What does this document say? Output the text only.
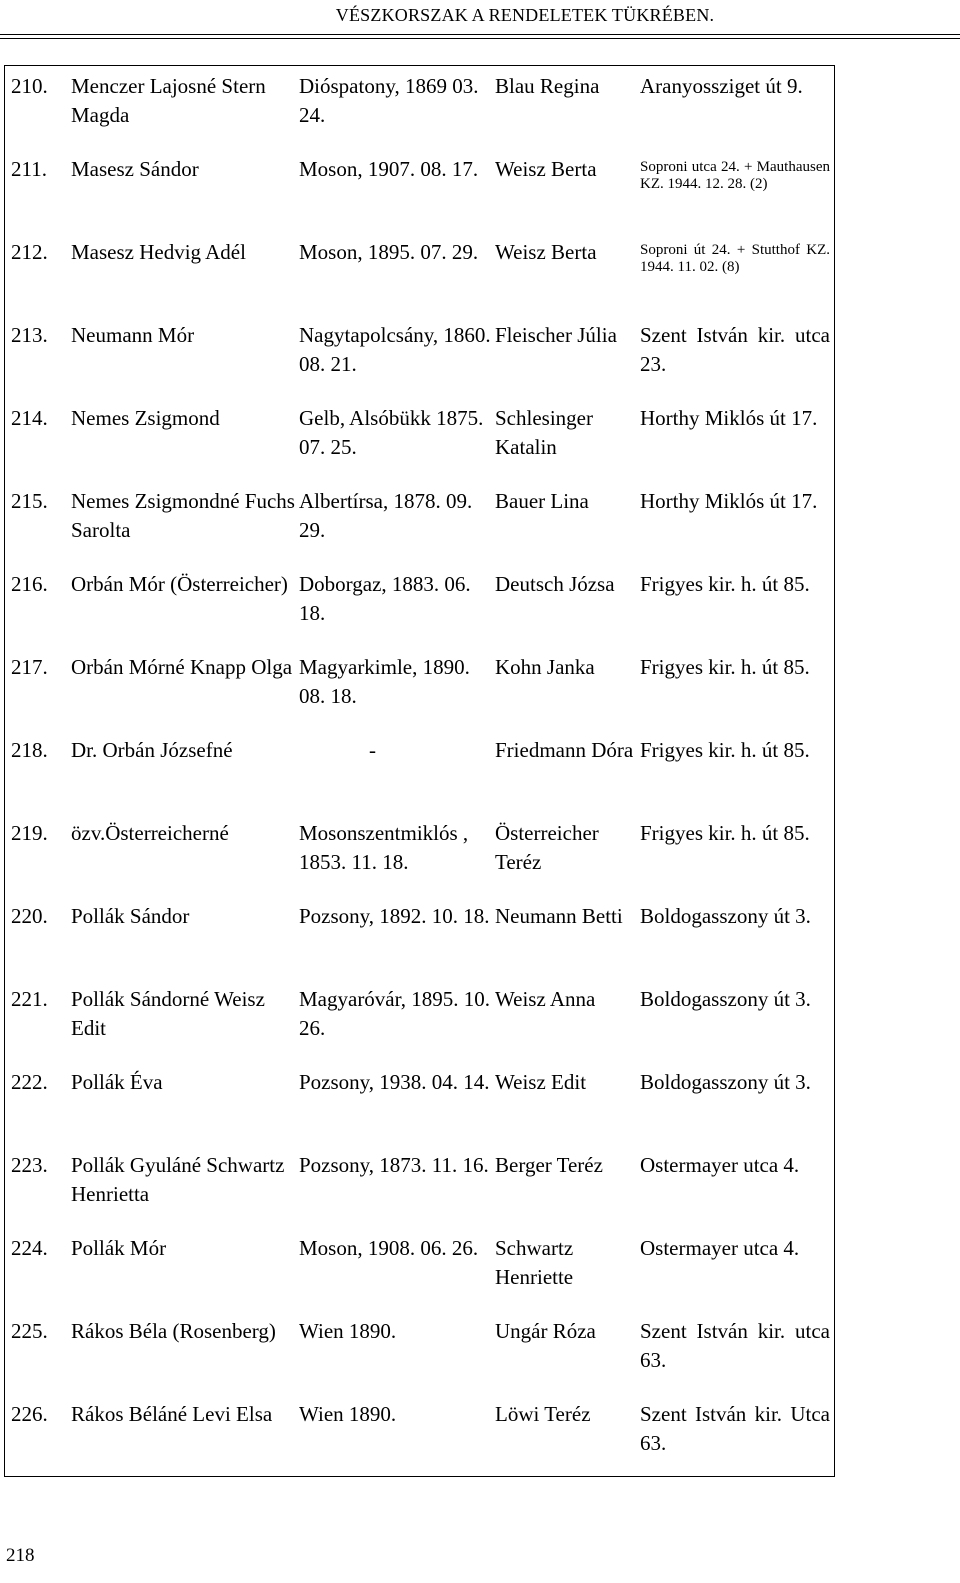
VÉSZKORSZAK A RENDELETEK TÜKRÉBEN.
210.	Menczer Lajosné Stern Magda	Dióspatony, 1869 03. 24.	Blau Regina	Aranyossziget út 9.
211.	Masesz Sándor	Moson, 1907. 08. 17.	Weisz Berta	Soproni utca 24. + Mauthausen KZ. 1944. 12. 28. (2)

212.	Masesz Hedvig Adél	Moson, 1895. 07. 29.	Weisz Berta	Soproni út 24. + Stutthof KZ. 1944. 11. 02. (8)

213.	Neumann Mór	Nagytapolcsány, 1860. 08. 21.	Fleischer Júlia	Szent István kir. utca 23.
214.	Nemes Zsigmond	Gelb, Alsóbükk 1875. 07. 25.	Schlesinger Katalin	Horthy Miklós út 17.
215.	Nemes Zsigmondné Fuchs Sarolta	Albertírsa, 1878. 09. 29.	Bauer Lina	Horthy Miklós út 17.
216.	Orbán Mór (Österreicher)	Doborgaz, 1883. 06. 18.	Deutsch Józsa	Frigyes kir. h. út 85.
217.	Orbán Mórné Knapp Olga	Magyarkimle, 1890. 08. 18.	Kohn Janka	Frigyes kir. h. út 85.
218.	Dr. Orbán Józsefné	-	Friedmann Dóra	Frigyes kir. h. út 85.
219.	özv.Österreicherné	Mosonszentmiklós , 1853. 11. 18.	Österreicher Teréz	Frigyes kir. h. út 85.
220.	Pollák Sándor	Pozsony, 1892. 10. 18.	Neumann Betti	Boldogasszony út 3.
221.	Pollák Sándorné Weisz Edit	Magyaróvár, 1895. 10. 26.	Weisz Anna	Boldogasszony út 3.
222.	Pollák Éva	Pozsony, 1938. 04. 14.	Weisz Edit	Boldogasszony út 3.
223.	Pollák Gyuláné Schwartz Henrietta	Pozsony, 1873. 11. 16.	Berger Teréz	Ostermayer utca 4.
224.	Pollák Mór	Moson, 1908. 06. 26.	Schwartz Henriette	Ostermayer utca 4.
225.	Rákos Béla (Rosenberg)	Wien 1890.	Ungár Róza	Szent István kir. utca 63.
226.	Rákos Béláné Levi Elsa	Wien 1890.	Löwi Teréz	Szent István kir. Utca 63.
218
